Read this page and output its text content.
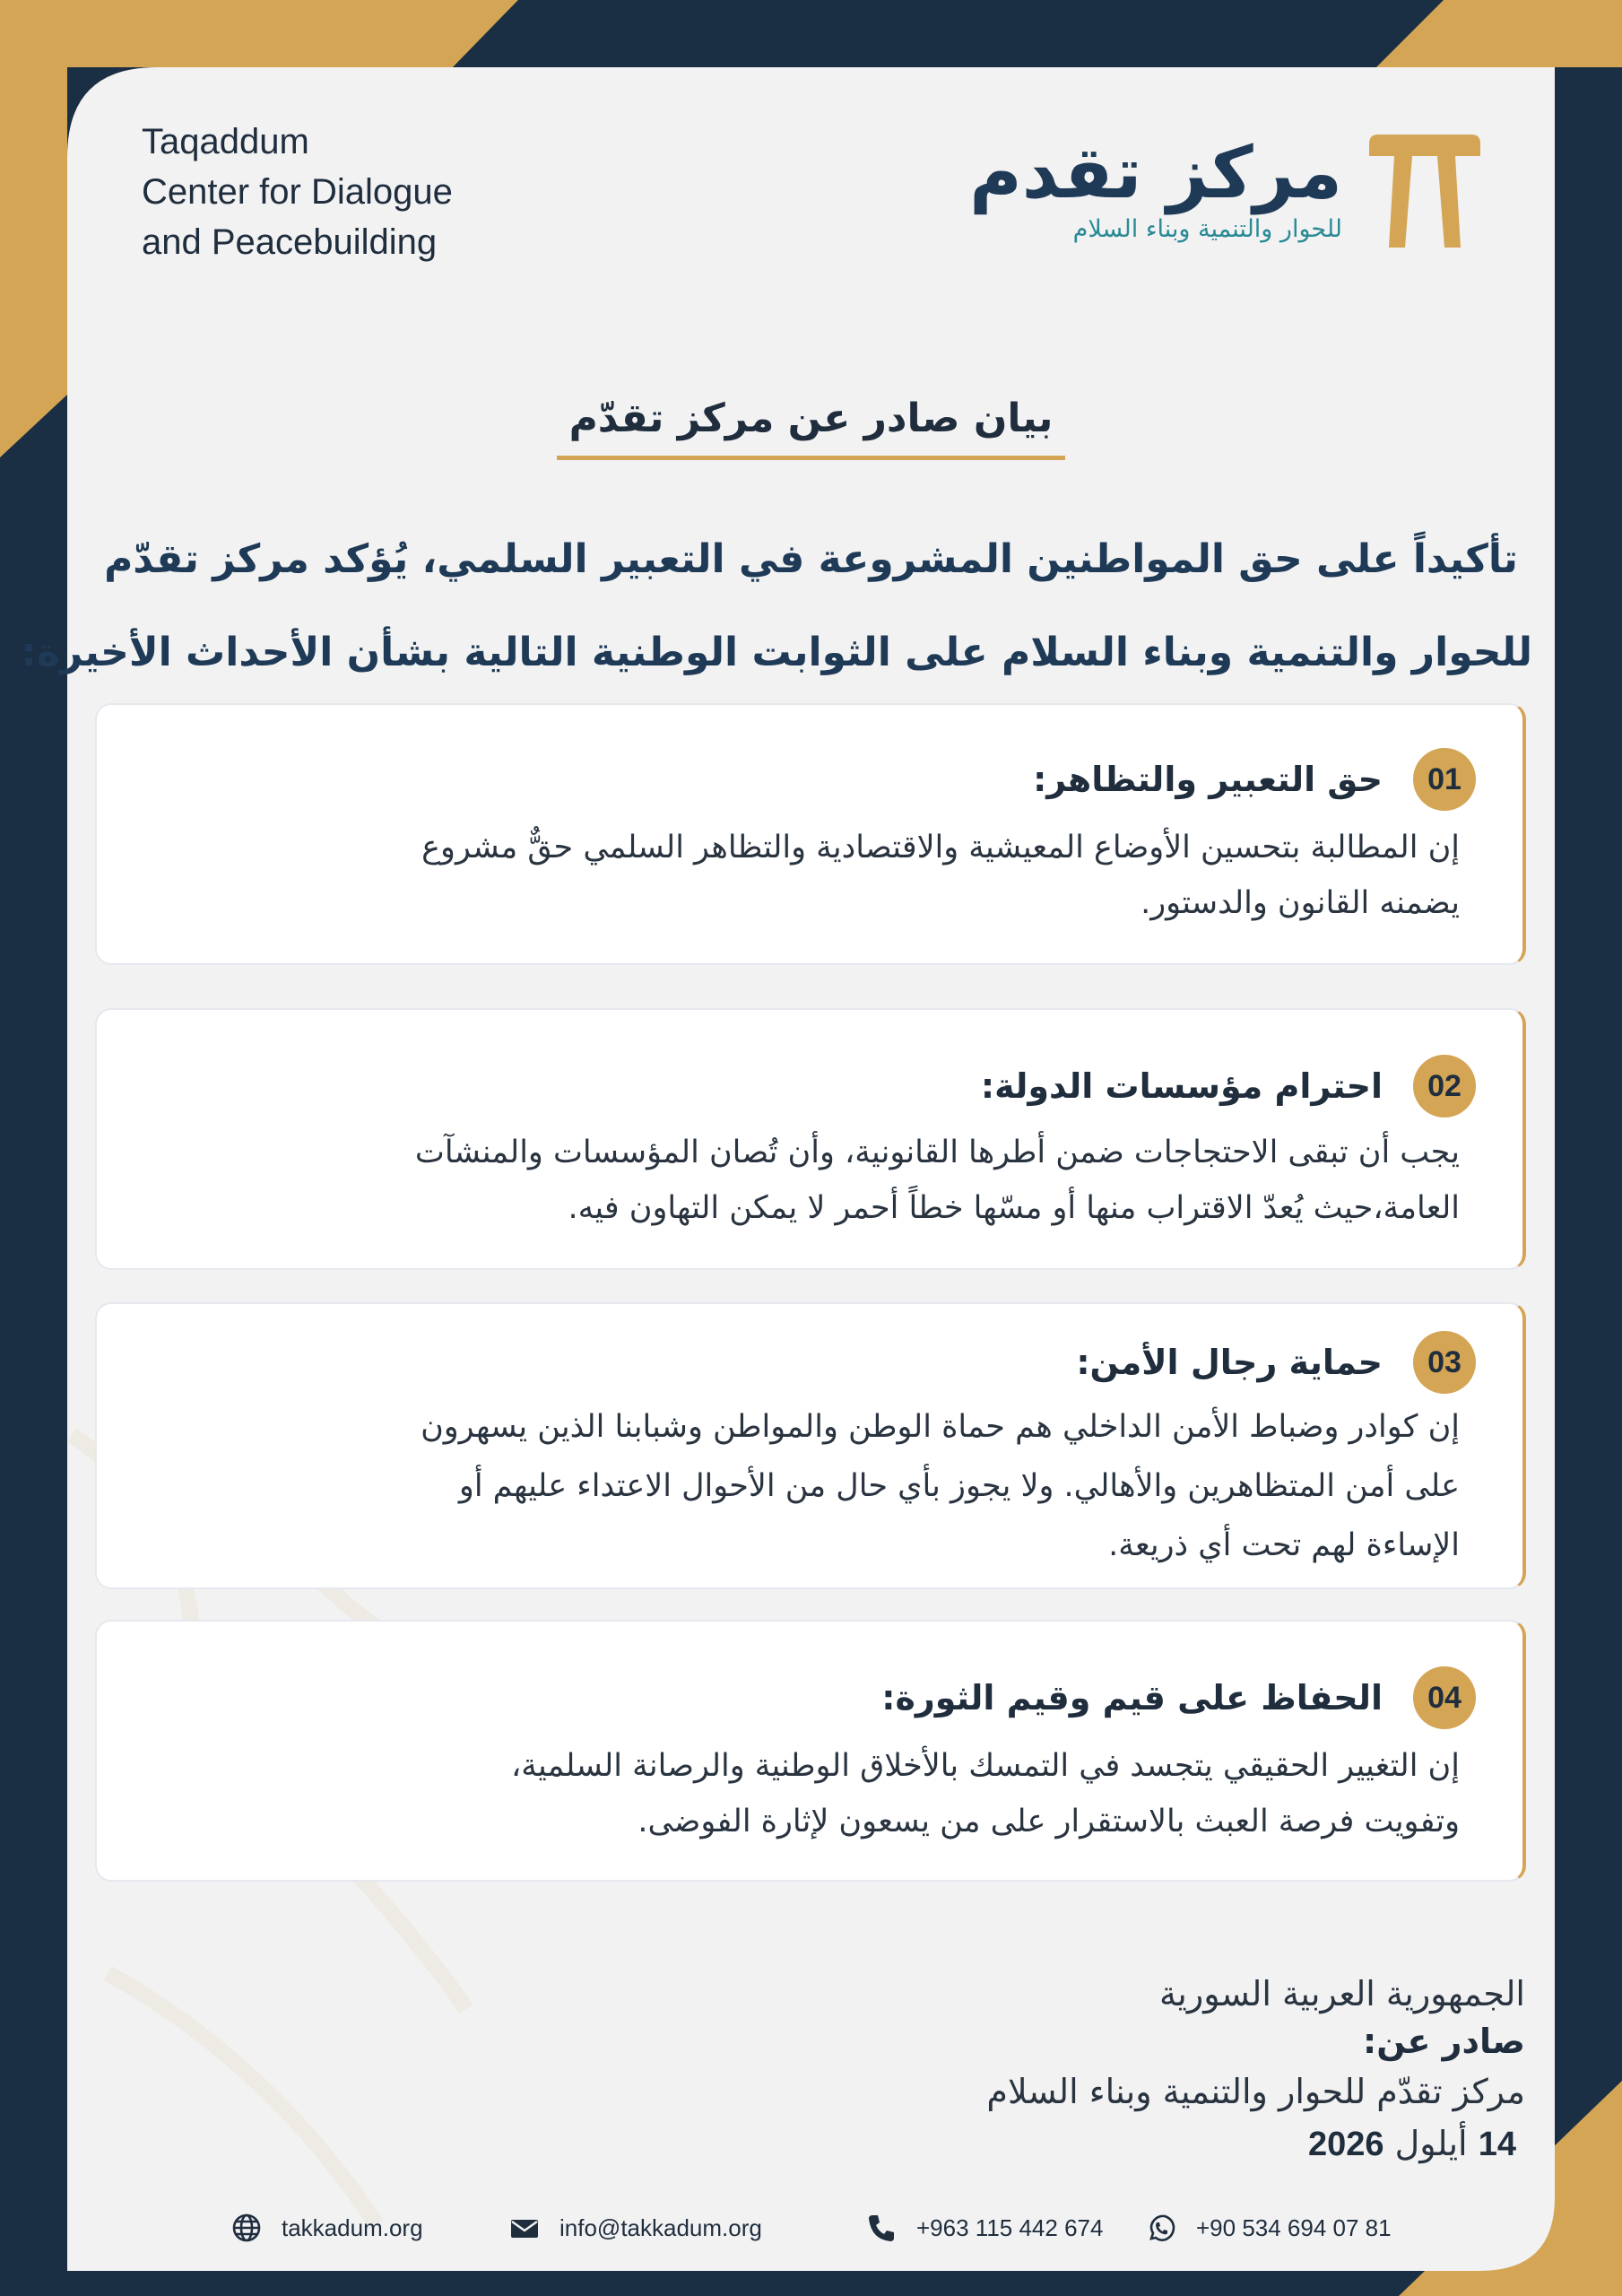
Taqaddum
Center for Dialogue
and Peacebuilding
مركز تقدم
للحوار والتنمية وبناء السلام
بيان صادر عن مركز تقدّم
تأكيداً على حق المواطنين المشروعة في التعبير السلمي، يُؤكد مركز تقدّم
للحوار والتنمية وبناء السلام على الثوابت الوطنية التالية بشأن الأحداث الأخيرة:
01
حق التعبير والتظاهر:
إن المطالبة بتحسين الأوضاع المعيشية والاقتصادية والتظاهر السلمي حقٌّ مشروع
يضمنه القانون والدستور.
02
احترام مؤسسات الدولة:
يجب أن تبقى الاحتجاجات ضمن أطرها القانونية، وأن تُصان المؤسسات والمنشآت
العامة،حيث يُعدّ الاقتراب منها أو مسّها خطاً أحمر لا يمكن التهاون فيه.
03
حماية رجال الأمن:
إن كوادر وضباط الأمن الداخلي هم حماة الوطن والمواطن وشبابنا الذين يسهرون
على أمن المتظاهرين والأهالي. ولا يجوز بأي حال من الأحوال الاعتداء عليهم أو
الإساءة لهم تحت أي ذريعة.
04
الحفاظ على قيم وقيم الثورة:
إن التغيير الحقيقي يتجسد في التمسك بالأخلاق الوطنية والرصانة السلمية،
وتفويت فرصة العبث بالاستقرار على من يسعون لإثارة الفوضى.
الجمهورية العربية السورية
صادر عن:
مركز تقدّم للحوار والتنمية وبناء السلام
14 أيلول 2026
takkadum.org	info@takkadum.org	+963 115 442 674	+90 534 694 07 81
